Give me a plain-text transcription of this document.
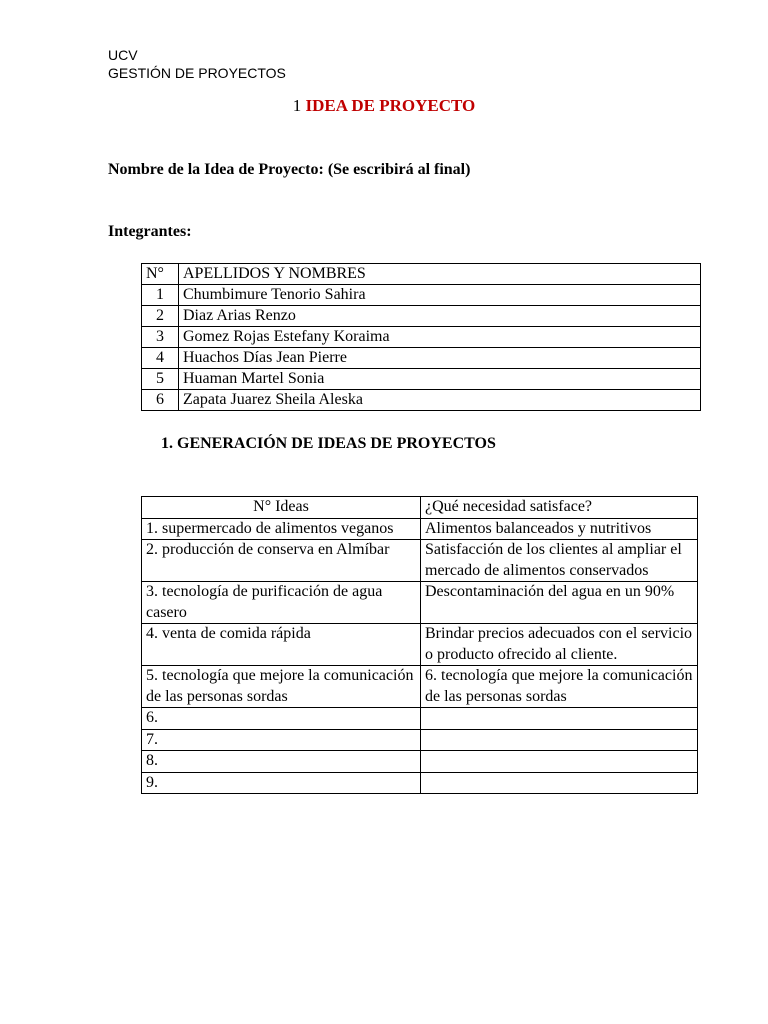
UCV
GESTIÓN DE PROYECTOS
1 IDEA DE PROYECTO
Nombre de la Idea de Proyecto: (Se escribirá al final)
Integrantes:
N°	APELLIDOS Y NOMBRES
1	Chumbimure Tenorio Sahira
2	Diaz Arias Renzo
3	Gomez Rojas Estefany Koraima
4	Huachos Días Jean Pierre
5	Huaman Martel Sonia
6	Zapata Juarez Sheila Aleska
1. GENERACIÓN DE IDEAS DE PROYECTOS
N° Ideas	¿Qué necesidad satisface?
1. supermercado de alimentos veganos	Alimentos balanceados y nutritivos
2. producción de conserva en Almíbar	Satisfacción de los clientes al ampliar el mercado de alimentos conservados
3. tecnología de purificación de agua casero	Descontaminación del agua en un 90%
4. venta de comida rápida	Brindar precios adecuados con el servicio o producto ofrecido al cliente.
5. tecnología que mejore la comunicación de las personas sordas	6. tecnología que mejore la comunicación de las personas sordas
6.	
7.	
8.	
9.	
